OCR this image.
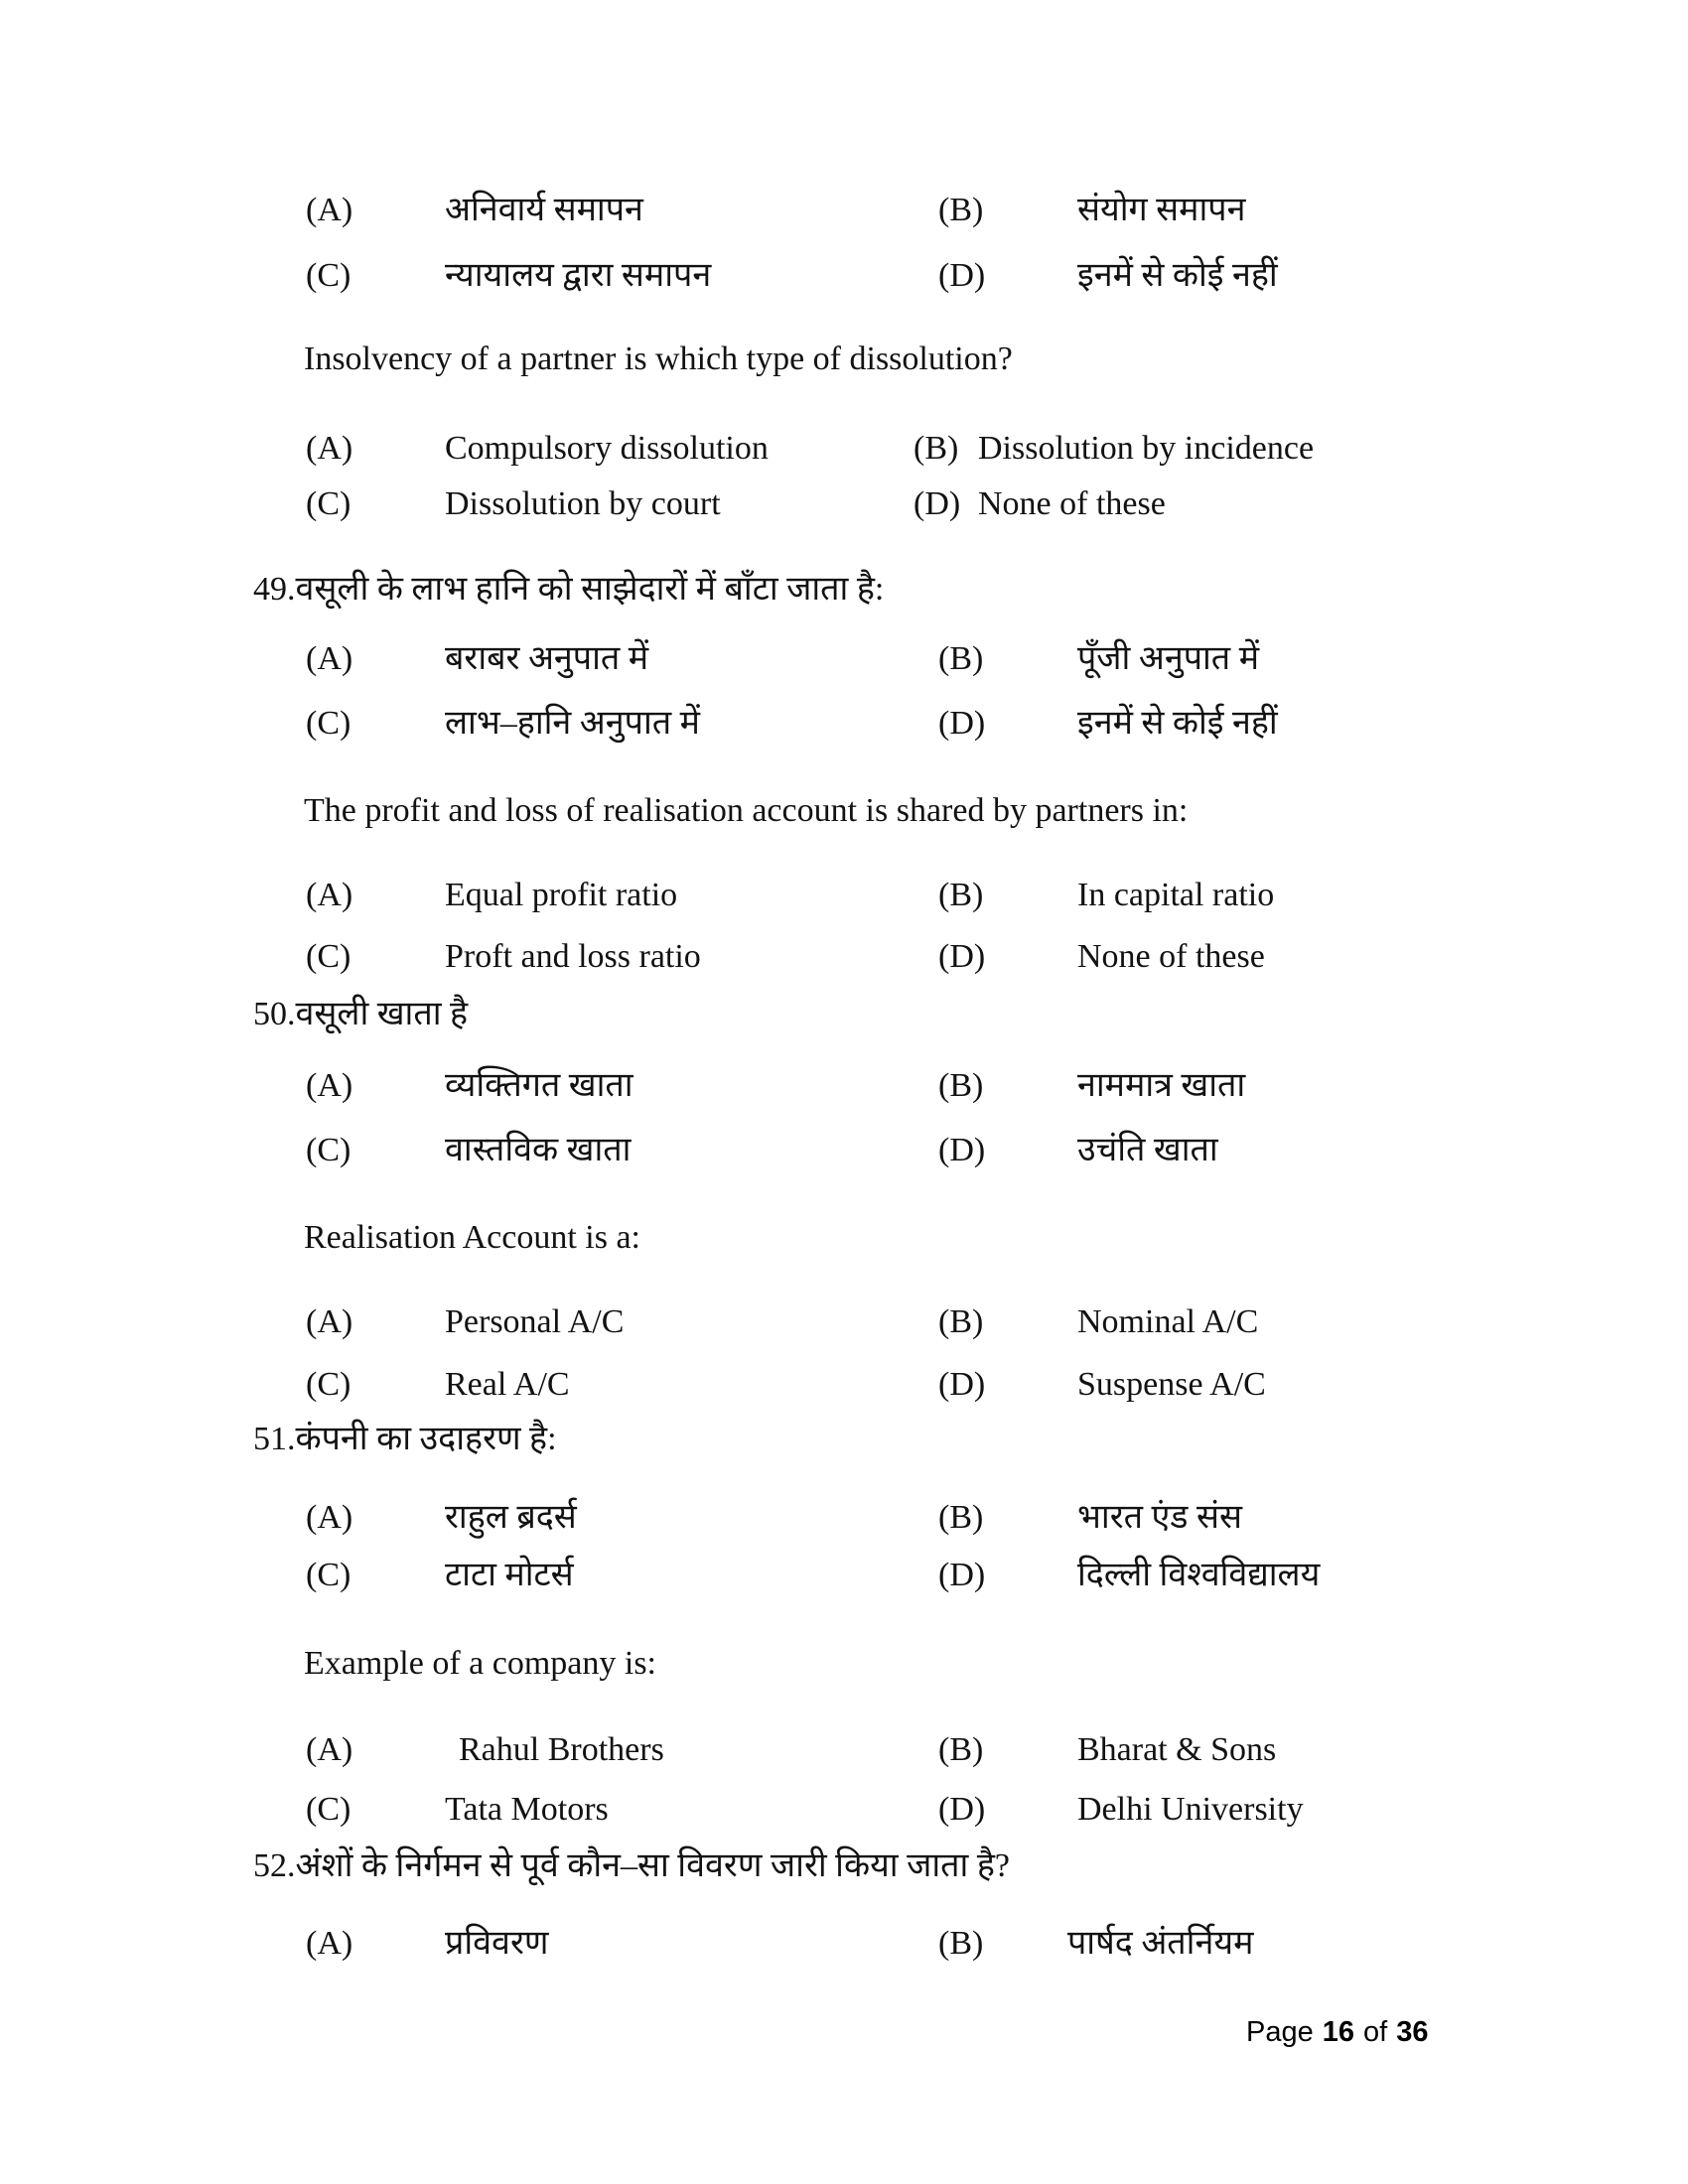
(A)	अनिवार्य समापन	(B)	संयोग समापन
(C)	न्यायालय द्वारा समापन	(D)	इनमें से कोई नहीं
Insolvency of a partner is which type of dissolution?
(A)	Compulsory dissolution	(B) Dissolution by incidence
(C)	Dissolution by court	(D) None of these
49.वसूली के लाभ हानि को साझेदारों में बाँटा जाता है:
(A)	बराबर अनुपात में	(B)	पूँजी अनुपात में
(C)	लाभ–हानि अनुपात में	(D)	इनमें से कोई नहीं
The profit and loss of realisation account is shared by partners in:
(A)	Equal profit ratio	(B)	In capital ratio
(C)	Proft and loss ratio	(D)	None of these
50.वसूली खाता है
(A)	व्यक्तिगत खाता	(B)	नाममात्र खाता
(C)	वास्तविक खाता	(D)	उचंति खाता
Realisation Account is a:
(A)	Personal A/C	(B)	Nominal A/C
(C)	Real A/C	(D)	Suspense A/C
51.कंपनी का उदाहरण है:
(A)	राहुल ब्रदर्स	(B)	भारत एंड संस
(C)	टाटा मोटर्स	(D)	दिल्ली विश्वविद्यालय
Example of a company is:
(A)	Rahul Brothers	(B)	Bharat & Sons
(C)	Tata Motors	(D)	Delhi University
52.अंशों के निर्गमन से पूर्व कौन–सा विवरण जारी किया जाता है?
(A)	प्रविवरण	(B) पार्षद अंतर्नियम
Page 16 of 36
